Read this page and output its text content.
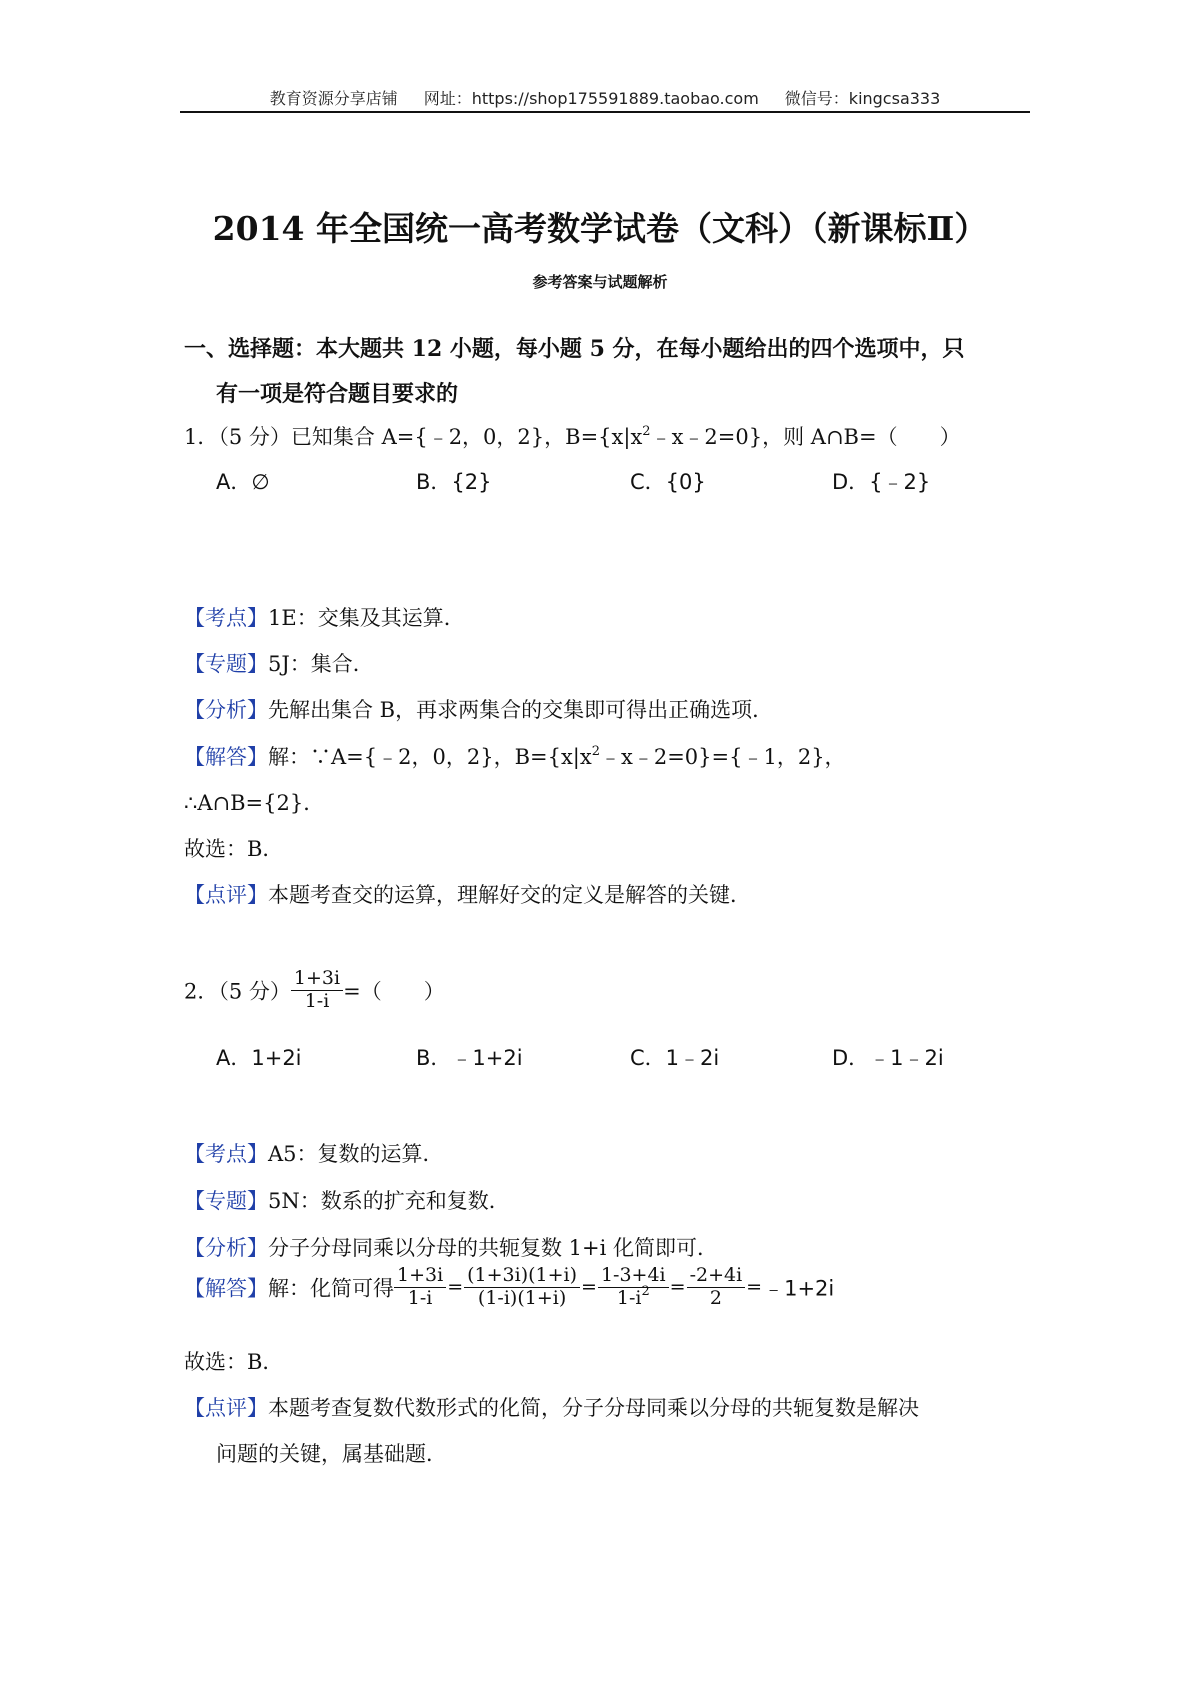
教育资源分享店铺 网址：https://shop175591889.taobao.com 微信号：kingcsa333
2014 年全国统一高考数学试卷（文科）（新课标Ⅱ）
参考答案与试题解析
一、选择题：本大题共 12 小题，每小题 5 分，在每小题给出的四个选项中，只
有一项是符合题目要求的
1．（5 分）已知集合 A={﹣2，0，2}，$B=\{x|x^2﹣x﹣2=0\}$，则 A∩B=（　　）
A．∅	B．{2}	C．{0}	D．{﹣2}
【考点】1E：交集及其运算．
【专题】5J：集合．
【分析】先解出集合 B，再求两集合的交集即可得出正确选项．
【解答】解：∵A={﹣2，0，2}，$B=\{x|x^2﹣x﹣2=0\}=\{﹣1$，2}，
∴A∩B={2}．
故选：B．
【点评】本题考查交的运算，理解好交的定义是解答的关键．
2．（5 分） $\frac{1+3i}{1-i}$ =（　　）
A．1+2i	B．﹣1+2i	C．1﹣2i	D．﹣1﹣2i
【考点】A5：复数的运算．
【专题】5N：数系的扩充和复数．
【分析】分子分母同乘以分母的共轭复数 1+i 化简即可．
【解答】解：化简可得 $\frac{1+3i}{1-i} = \frac{(1+3i)(1+i)}{(1-i)(1+i)} = \frac{1-3+4i}{1-i^2} = \frac{-2+4i}{2}$ =﹣1+2i
故选：B．
【点评】本题考查复数代数形式的化简，分子分母同乘以分母的共轭复数是解决
问题的关键，属基础题．
